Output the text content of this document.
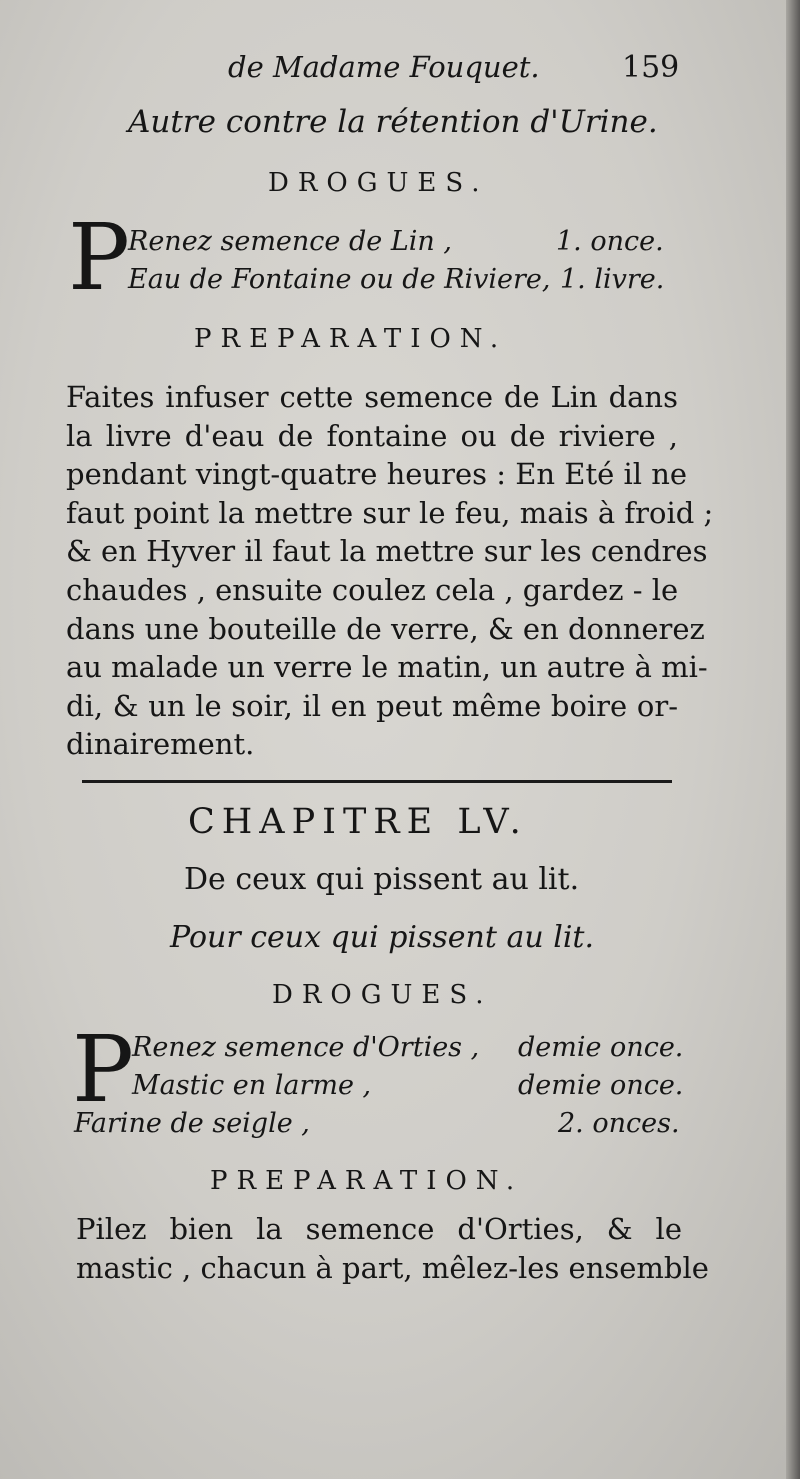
de Madame Fouquet.	159
Autre contre la rétention d'Urine.
DROGUES.
P
Renez semence de Lin ,	1. once.
Eau de Fontaine ou de Riviere, 1. livre.
PREPARATION.
Faites infuser cette semence de Lin dans
la livre d'eau de fontaine ou de riviere ,
pendant vingt-quatre heures : En Eté il ne
faut point la mettre sur le feu, mais à froid ;
& en Hyver il faut la mettre sur les cendres
chaudes , ensuite coulez cela , gardez - le
dans une bouteille de verre, & en donnerez
au malade un verre le matin, un autre à mi-
di, & un le soir, il en peut même boire or-
dinairement.
CHAPITRE LV.
De ceux qui pissent au lit.
Pour ceux qui pissent au lit.
DROGUES.
P
Renez semence d'Orties , demie once.
Mastic en larme ,	demie once.
Farine de seigle ,	2. onces.
PREPARATION.
Pilez bien la semence d'Orties, & le
mastic , chacun à part, mêlez-les ensemble
